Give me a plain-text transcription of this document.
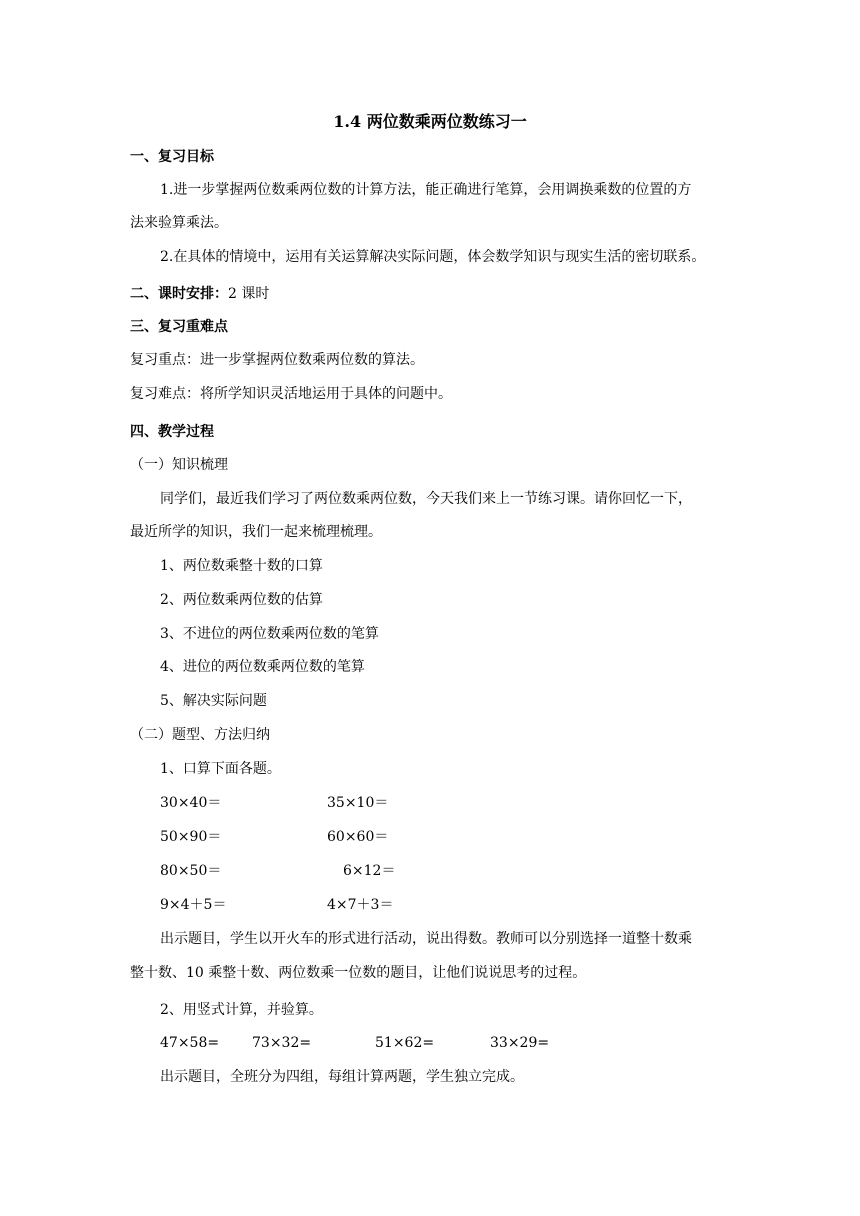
1.4 两位数乘两位数练习一
一、复习目标
1.进一步掌握两位数乘两位数的计算方法，能正确进行笔算，会用调换乘数的位置的方
法来验算乘法。
2.在具体的情境中，运用有关运算解决实际问题，体会数学知识与现实生活的密切联系。
二、课时安排：2 课时
三、复习重难点
复习重点：进一步掌握两位数乘两位数的算法。
复习难点：将所学知识灵活地运用于具体的问题中。
四、教学过程
（一）知识梳理
同学们，最近我们学习了两位数乘两位数，今天我们来上一节练习课。请你回忆一下，
最近所学的知识，我们一起来梳理梳理。
1、两位数乘整十数的口算
2、两位数乘两位数的估算
3、不进位的两位数乘两位数的笔算
4、进位的两位数乘两位数的笔算
5、解决实际问题
（二）题型、方法归纳
1、口算下面各题。
30×40＝	35×10＝
50×90＝	60×60＝
80×50＝	6×12＝
9×4＋5＝	4×7＋3＝
出示题目，学生以开火车的形式进行活动，说出得数。教师可以分别选择一道整十数乘
整十数、10 乘整十数、两位数乘一位数的题目，让他们说说思考的过程。
2、用竖式计算，并验算。
47×58= 73×32=	51×62=	33×29=
出示题目，全班分为四组，每组计算两题，学生独立完成。
